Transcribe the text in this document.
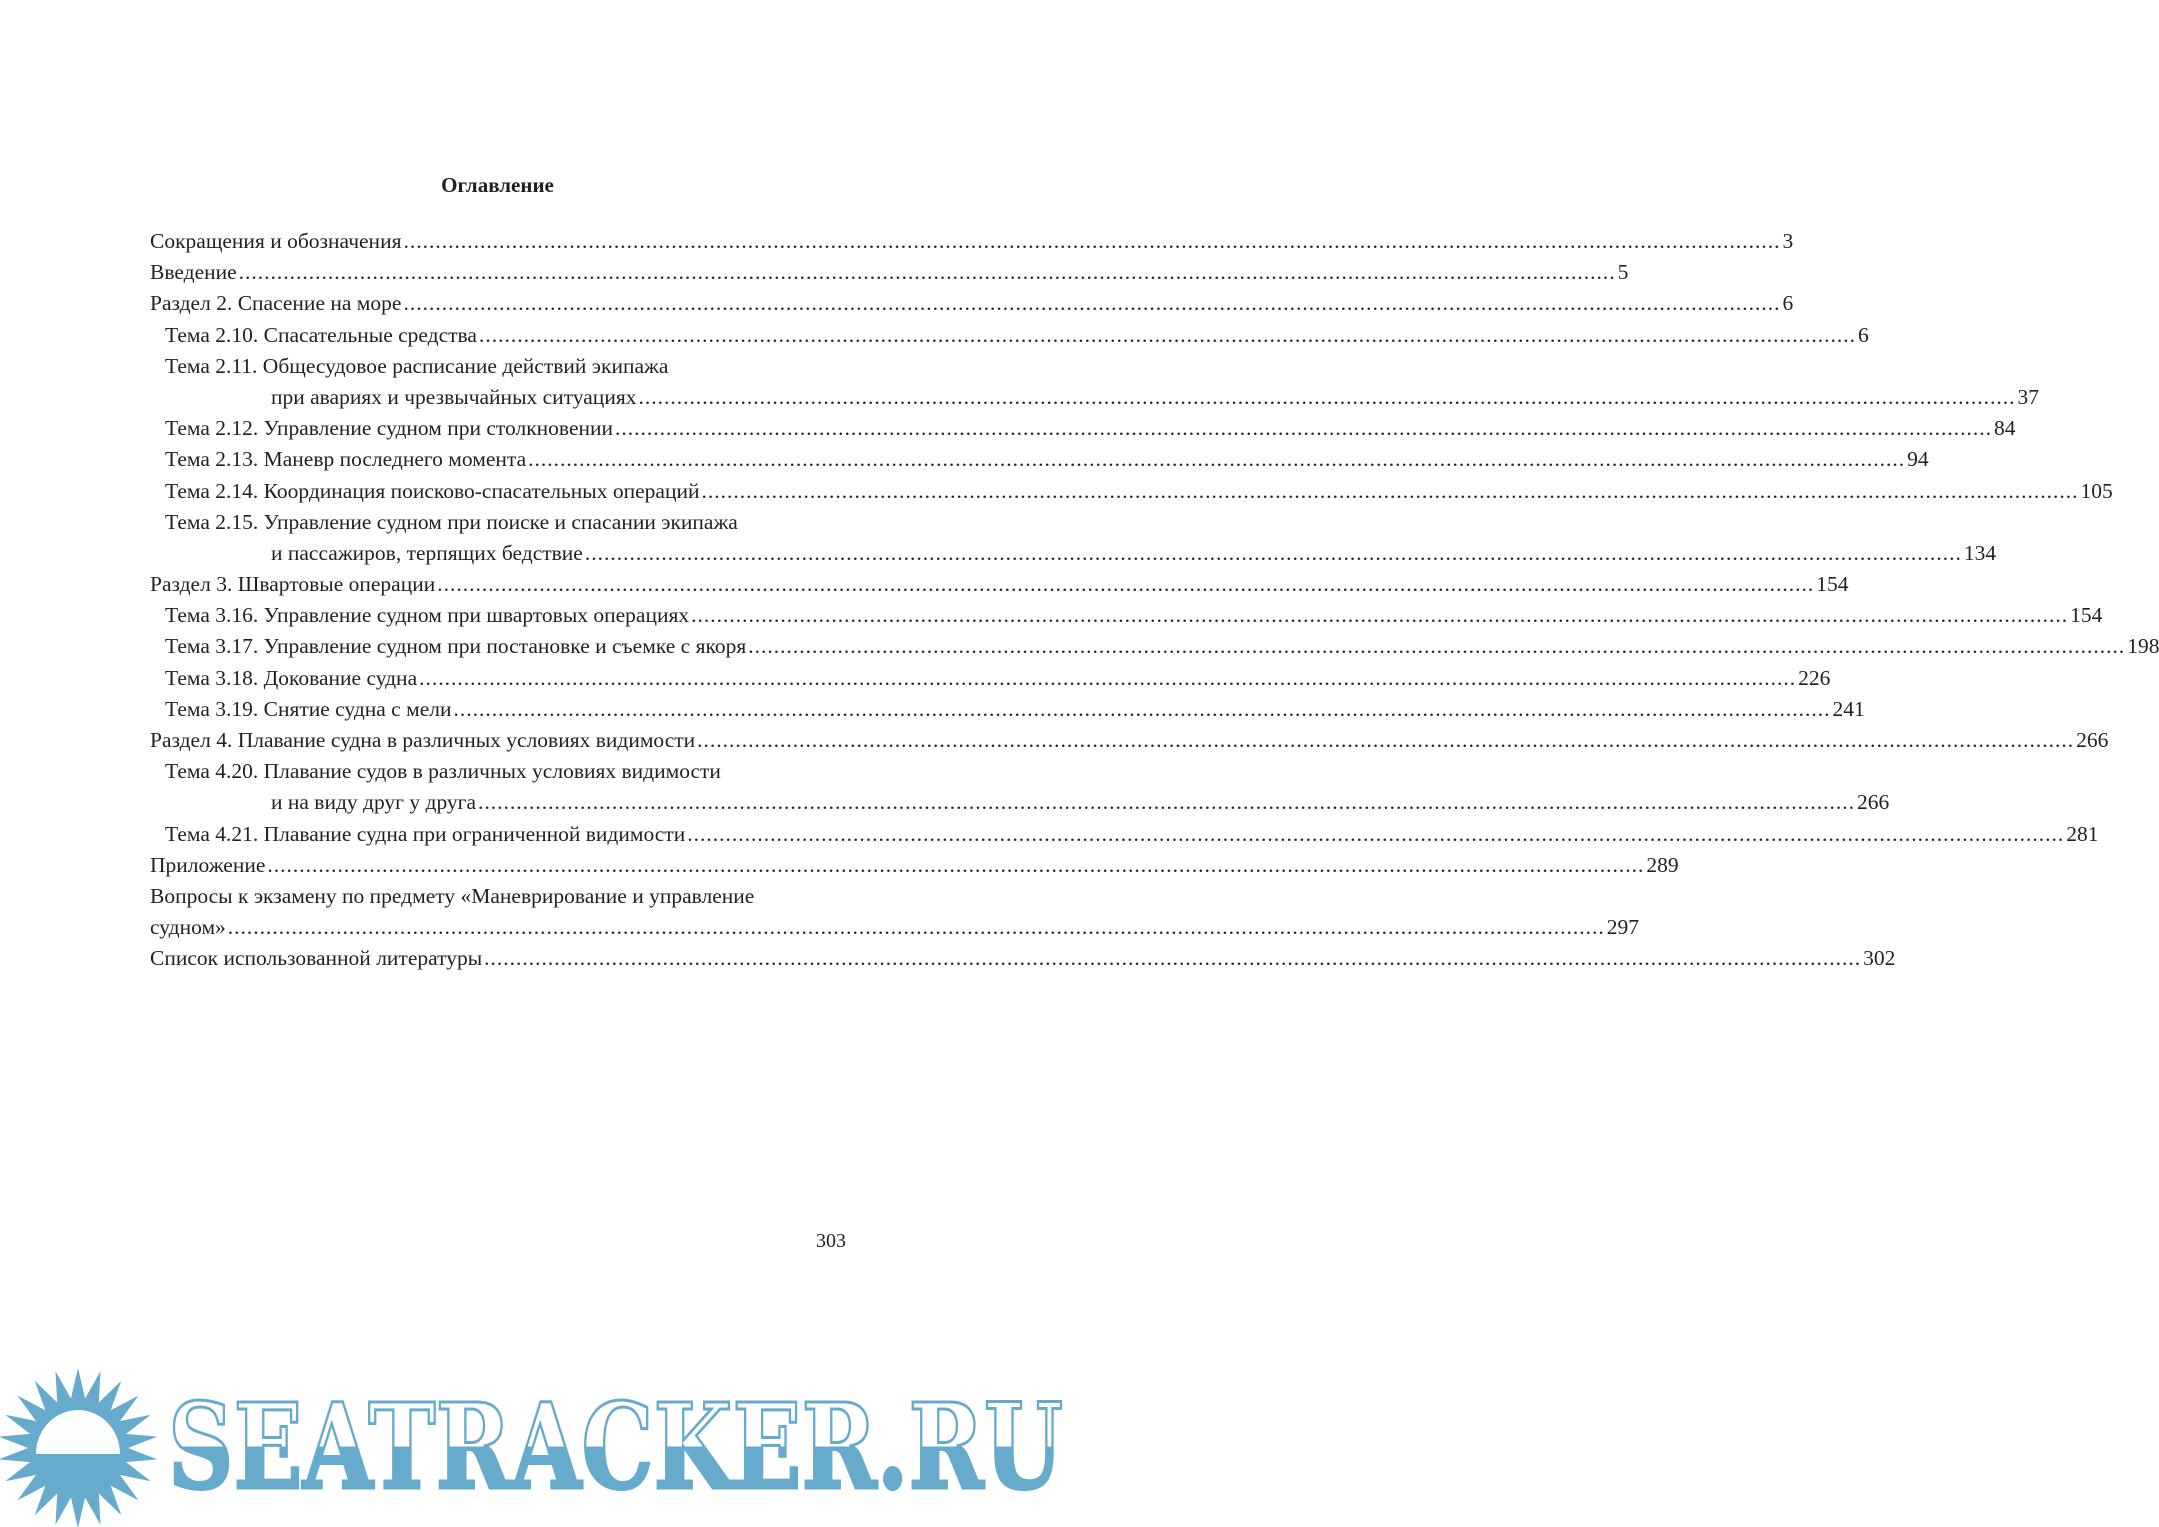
Оглавление
Сокращения и обозначения .....	3
Введение .....	5
Раздел 2. Спасение на море .....	6
Тема 2.10. Спасательные средства .....	6
Тема 2.11. Общесудовое расписание действий экипажа
при авариях и чрезвычайных ситуациях .....	37
Тема 2.12. Управление судном при столкновении .....	84
Тема 2.13. Маневр последнего момента .....	94
Тема 2.14. Координация поисково-спасательных операций .....	105
Тема 2.15. Управление судном при поиске и спасании экипажа
и пассажиров, терпящих бедствие .....	134
Раздел 3. Швартовые операции .....	154
Тема 3.16. Управление судном при швартовых операциях .....	154
Тема 3.17. Управление судном при постановке и съемке с якоря .....	198
Тема 3.18. Докование судна .....	226
Тема 3.19. Снятие судна с мели .....	241
Раздел 4. Плавание судна в различных условиях видимости .....	266
Тема 4.20. Плавание судов в различных условиях видимости
и на виду друг у друга .....	266
Тема 4.21. Плавание судна при ограниченной видимости .....	281
Приложение .....	289
Вопросы к экзамену по предмету «Маневрирование и управление
судном» .....	297
Список использованной литературы .....	302
303
SEATRACKER.RU
